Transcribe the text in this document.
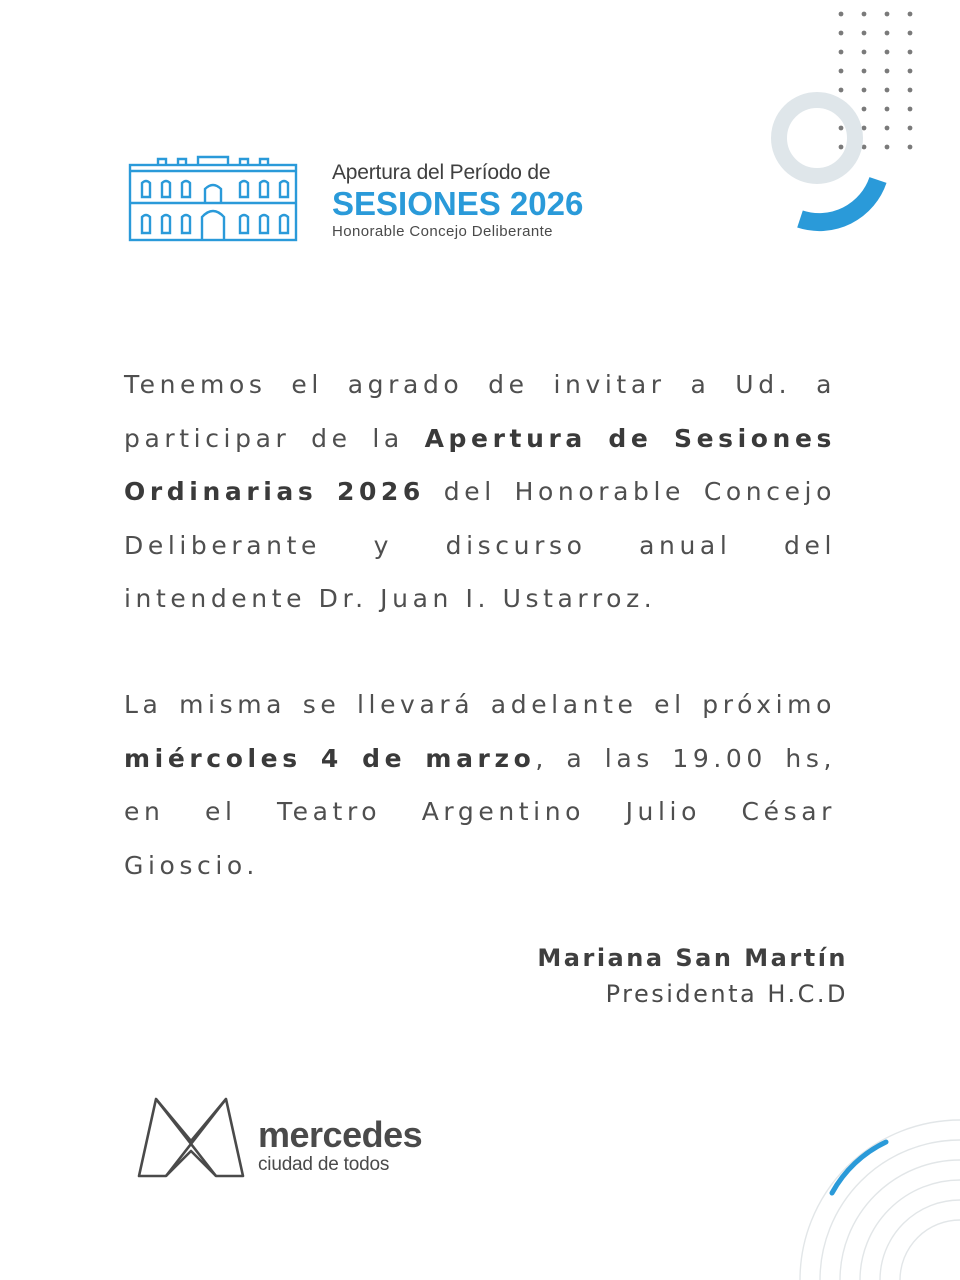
Apertura del Período de
SESIONES 2026
Honorable Concejo Deliberante

Tenemos el agrado de invitar a Ud. a participar de la Apertura de Sesiones Ordinarias 2026 del Honorable Concejo Deliberante y discurso anual del intendente Dr. Juan I. Ustarroz.

La misma se llevará adelante el próximo miércoles 4 de marzo, a las 19.00 hs, en el Teatro Argentino Julio César Gioscio.

Mariana San Martín
Presidenta H.C.D
mercedes
ciudad de todos
